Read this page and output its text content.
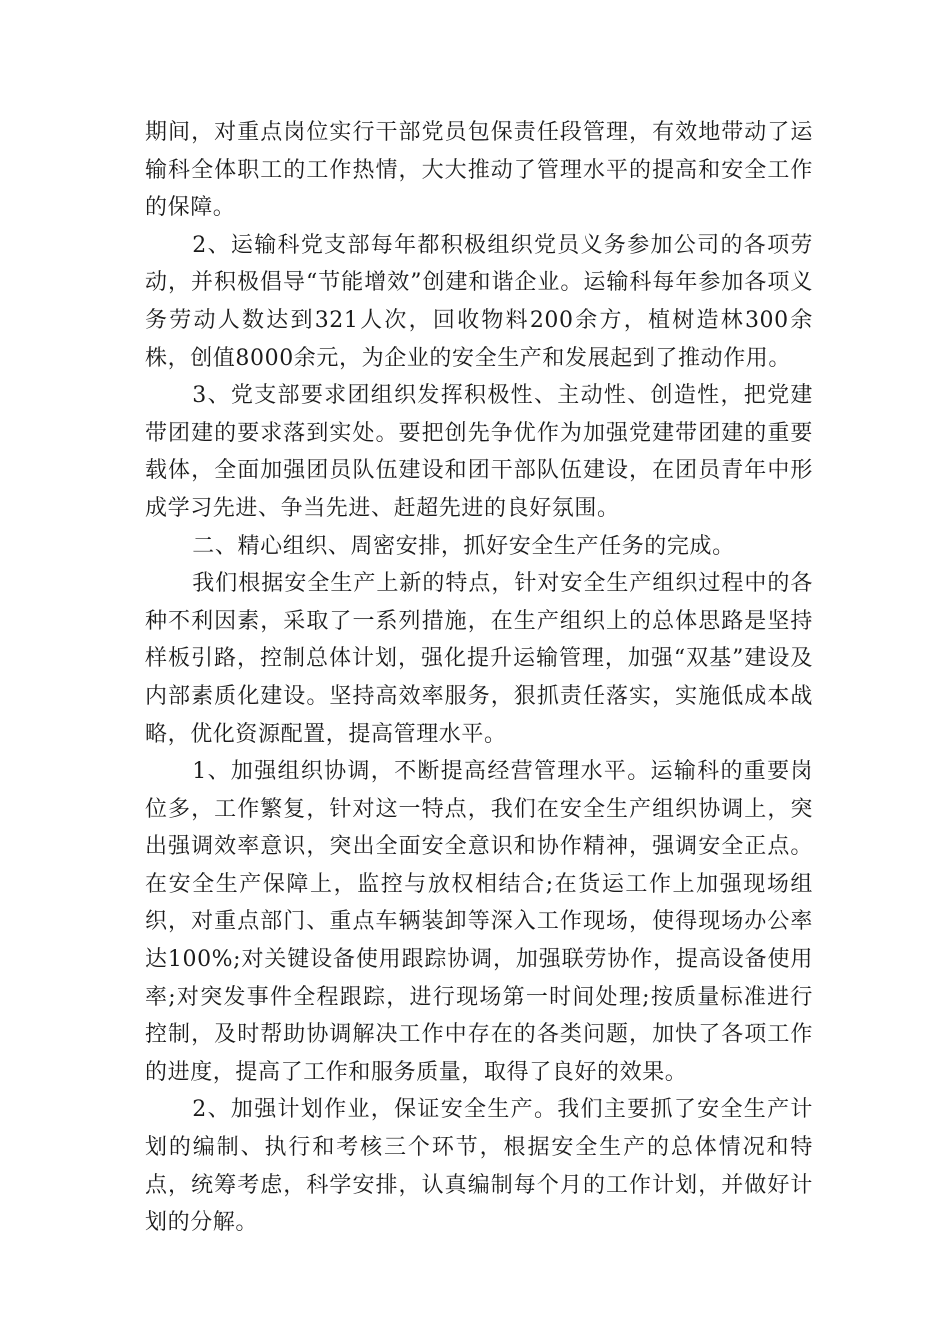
期间，对重点岗位实行干部党员包保责任段管理，有效地带动了运输科全体职工的工作热情，大大推动了管理水平的提高和安全工作的保障。

2、运输科党支部每年都积极组织党员义务参加公司的各项劳动，并积极倡导“节能增效”创建和谐企业。运输科每年参加各项义务劳动人数达到321人次，回收物料200余方，植树造林300余株，创值8000余元，为企业的安全生产和发展起到了推动作用。

3、党支部要求团组织发挥积极性、主动性、创造性，把党建带团建的要求落到实处。要把创先争优作为加强党建带团建的重要载体，全面加强团员队伍建设和团干部队伍建设，在团员青年中形成学习先进、争当先进、赶超先进的良好氛围。

二、精心组织、周密安排，抓好安全生产任务的完成。

我们根据安全生产上新的特点，针对安全生产组织过程中的各种不利因素，采取了一系列措施，在生产组织上的总体思路是坚持样板引路，控制总体计划，强化提升运输管理，加强“双基”建设及内部素质化建设。坚持高效率服务，狠抓责任落实，实施低成本战略，优化资源配置，提高管理水平。

1、加强组织协调，不断提高经营管理水平。运输科的重要岗位多，工作繁复，针对这一特点，我们在安全生产组织协调上，突出强调效率意识，突出全面安全意识和协作精神，强调安全正点。在安全生产保障上，监控与放权相结合;在货运工作上加强现场组织，对重点部门、重点车辆装卸等深入工作现场，使得现场办公率达100%;对关键设备使用跟踪协调，加强联劳协作，提高设备使用率;对突发事件全程跟踪，进行现场第一时间处理;按质量标准进行控制，及时帮助协调解决工作中存在的各类问题，加快了各项工作的进度，提高了工作和服务质量，取得了良好的效果。

2、加强计划作业，保证安全生产。我们主要抓了安全生产计划的编制、执行和考核三个环节，根据安全生产的总体情况和特点，统筹考虑，科学安排，认真编制每个月的工作计划，并做好计划的分解。
